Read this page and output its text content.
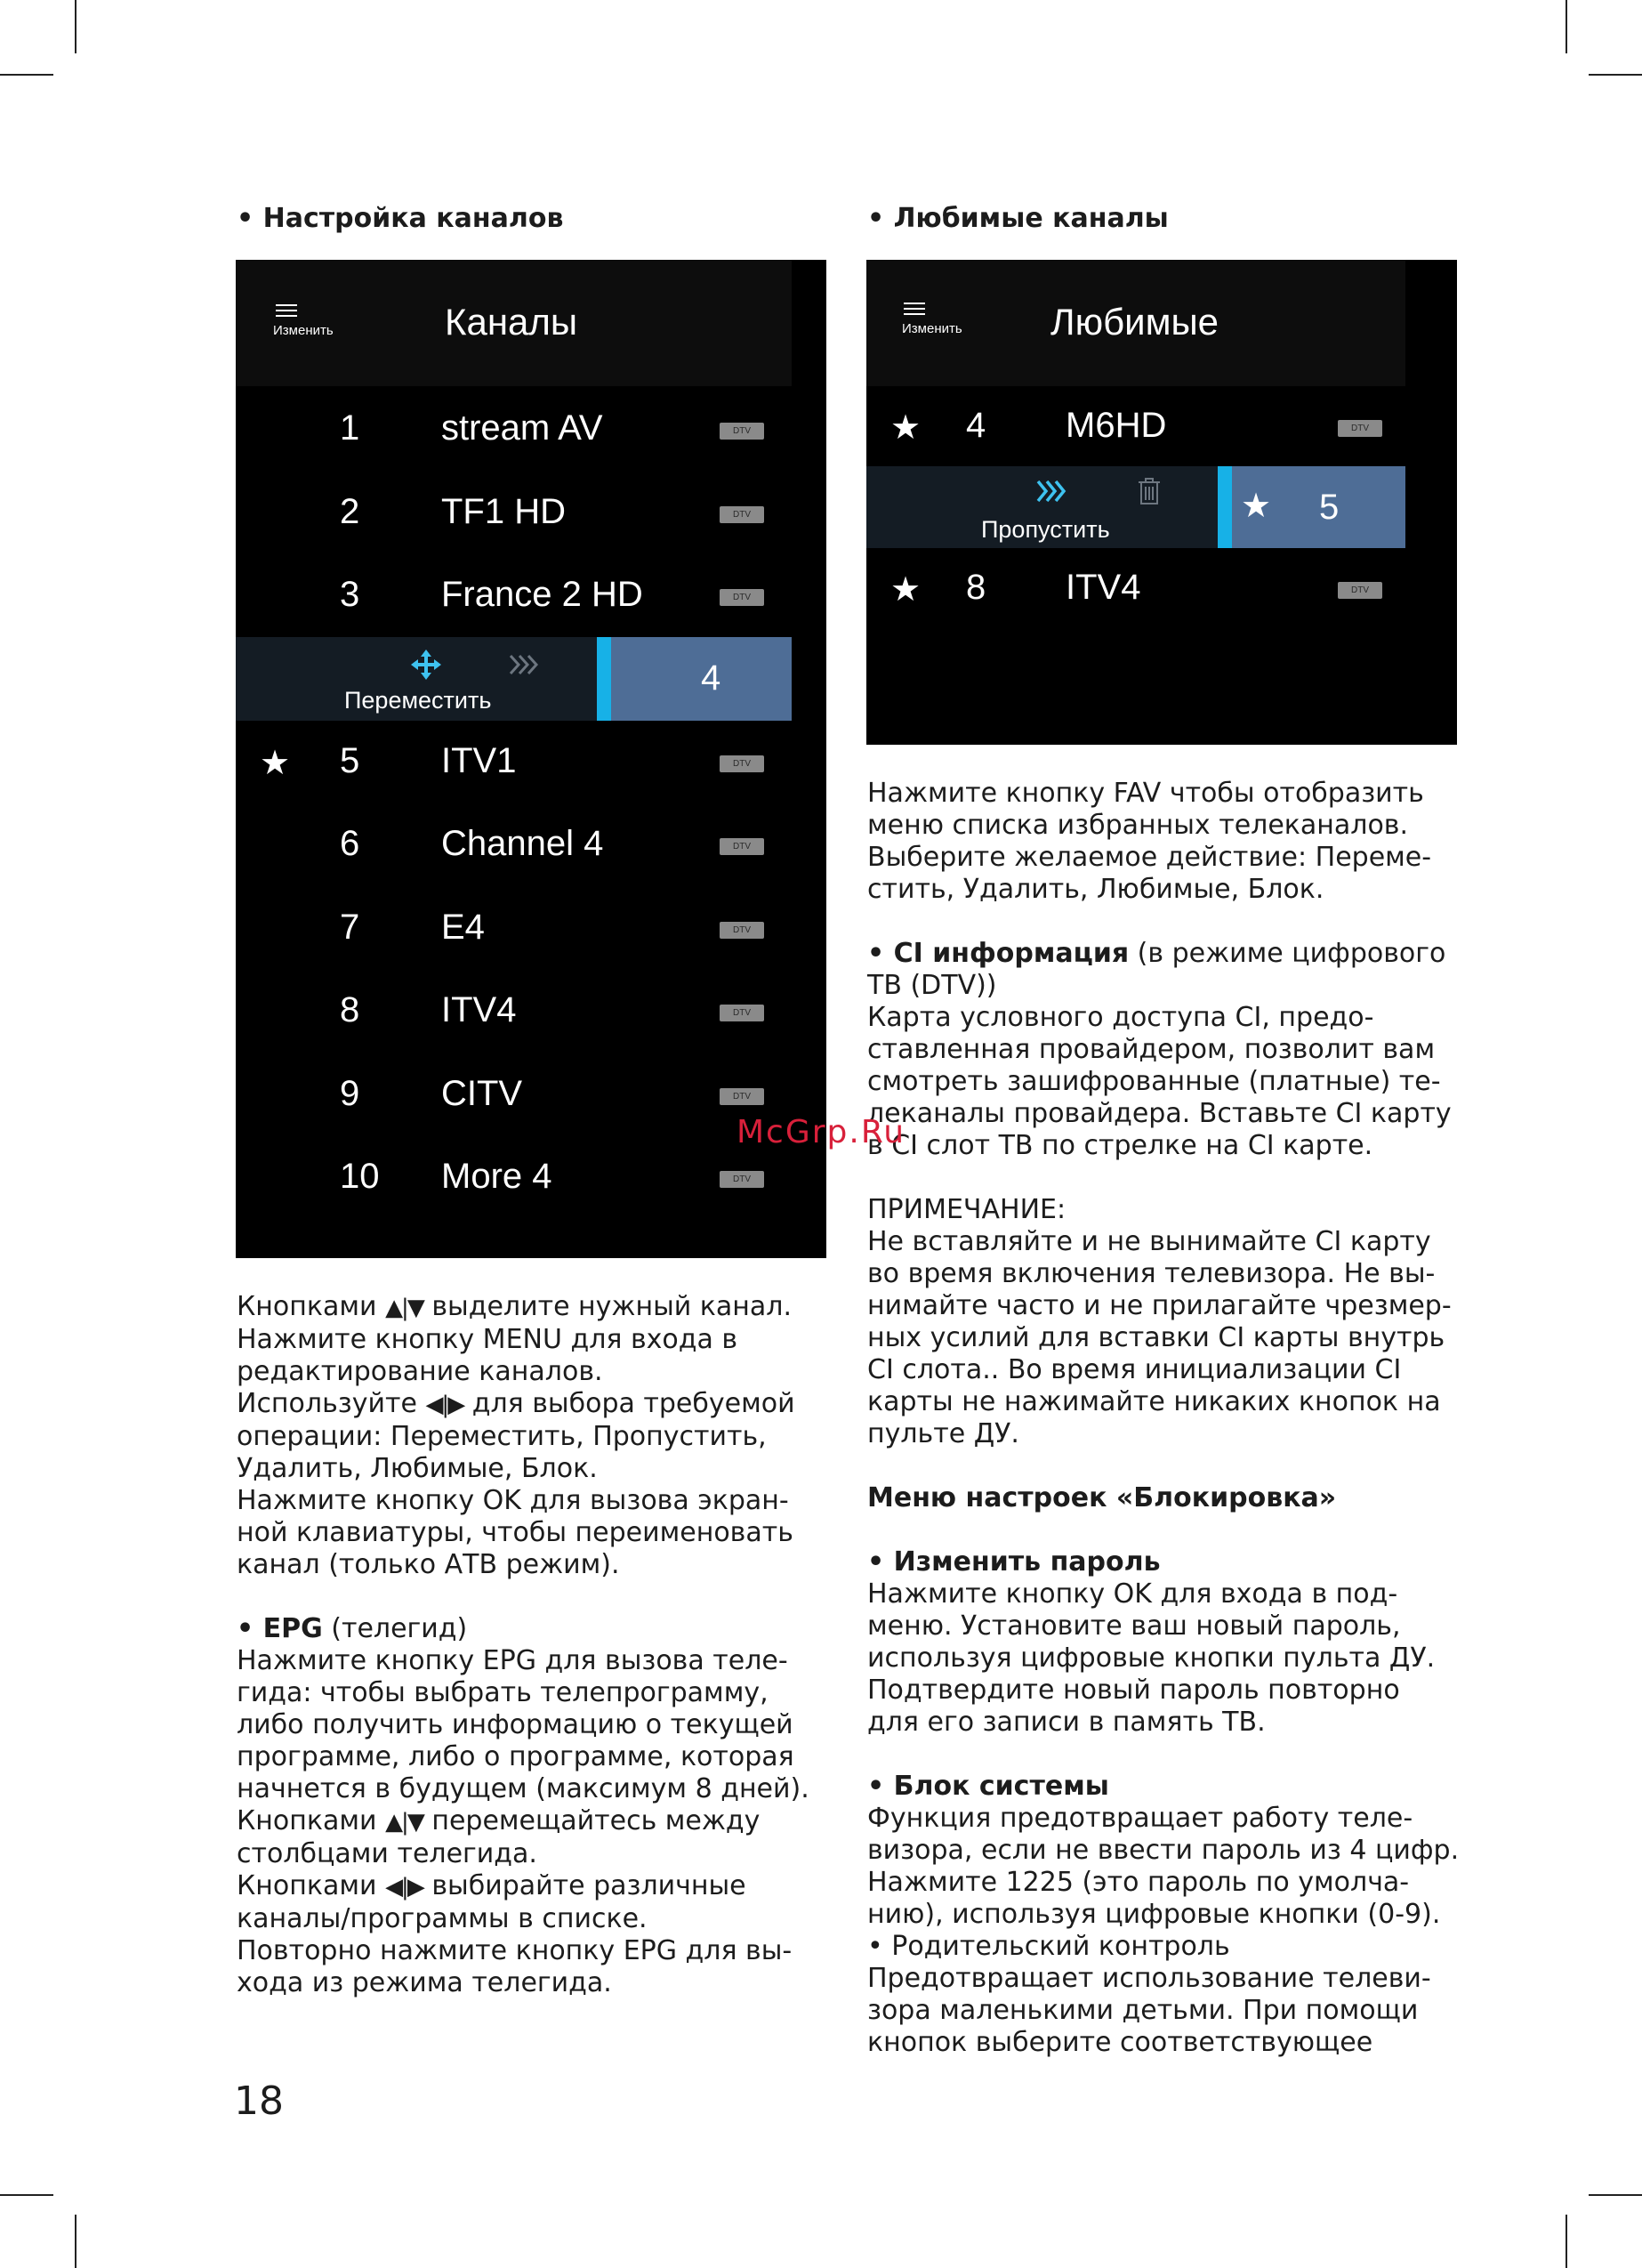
• Настройка каналов	• Любимые каналы
Изменить	Каналы
1 stream AV	DTV
2 TF1 HD	DTV
3 France 2 HD	DTV
Переместить
4
★ 5 ITV1	DTV
6 Channel 4	DTV
7 E4	DTV
8 ITV4	DTV
9 CITV	DTV
10 More 4	DTV
Изменить Любимые
★ 4 M6HD	DTV
Пропустить
★ 5
★ 8 ITV4	DTV

Кнопками ▲|▼ выделите нужный канал.

Нажмите кнопку MENU для входа в

редактирование каналов.

Используйте ◀|▶ для выбора требуемой

операции: Переместить, Пропустить,

Удалить, Любимые, Блок.

Нажмите кнопку OK для вызова экран-

ной клавиатуры, чтобы переименовать

канал (только АТВ режим).

• EPG (телегид)

Нажмите кнопку EPG для вызова теле-

гида: чтобы выбрать телепрограмму,

либо получить информацию о текущей

программе, либо о программе, которая

начнется в будущем (максимум 8 дней).

Кнопками ▲|▼ перемещайтесь между

столбцами телегида.

Кнопками ◀|▶ выбирайте различные

каналы/программы в списке.

Повторно нажмите кнопку EPG для вы-

хода из режима телегида.

Нажмите кнопку FAV чтобы отобразить

меню списка избранных телеканалов.

Выберите желаемое действие: Переме-

стить, Удалить, Любимые, Блок.

• CI информация (в режиме цифрового

ТВ (DTV))

Карта условного доступа CI, предо-

ставленная провайдером, позволит вам

смотреть зашифрованные (платные) те-

леканалы провайдера. Вставьте CI карту

в CI слот ТВ по стрелке на CI карте.

ПРИМЕЧАНИЕ:

Не вставляйте и не вынимайте CI карту

во время включения телевизора. Не вы-

нимайте часто и не прилагайте чрезмер-

ных усилий для вставки CI карты внутрь

CI слота.. Во время инициализации CI

карты не нажимайте никаких кнопок на

пульте ДУ.

Меню настроек «Блокировка»

• Изменить пароль

Нажмите кнопку OK для входа в под-

меню. Установите ваш новый пароль,

используя цифровые кнопки пульта ДУ.

Подтвердите новый пароль повторно

для его записи в память ТВ.

• Блок системы

Функция предотвращает работу теле-

визора, если не ввести пароль из 4 цифр.

Нажмите 1225 (это пароль по умолча-

нию), используя цифровые кнопки (0-9).

• Родительский контроль

Предотвращает использование телеви-

зора маленькими детьми. При помощи

кнопок выберите соответствующее

McGrp.Ru
18
